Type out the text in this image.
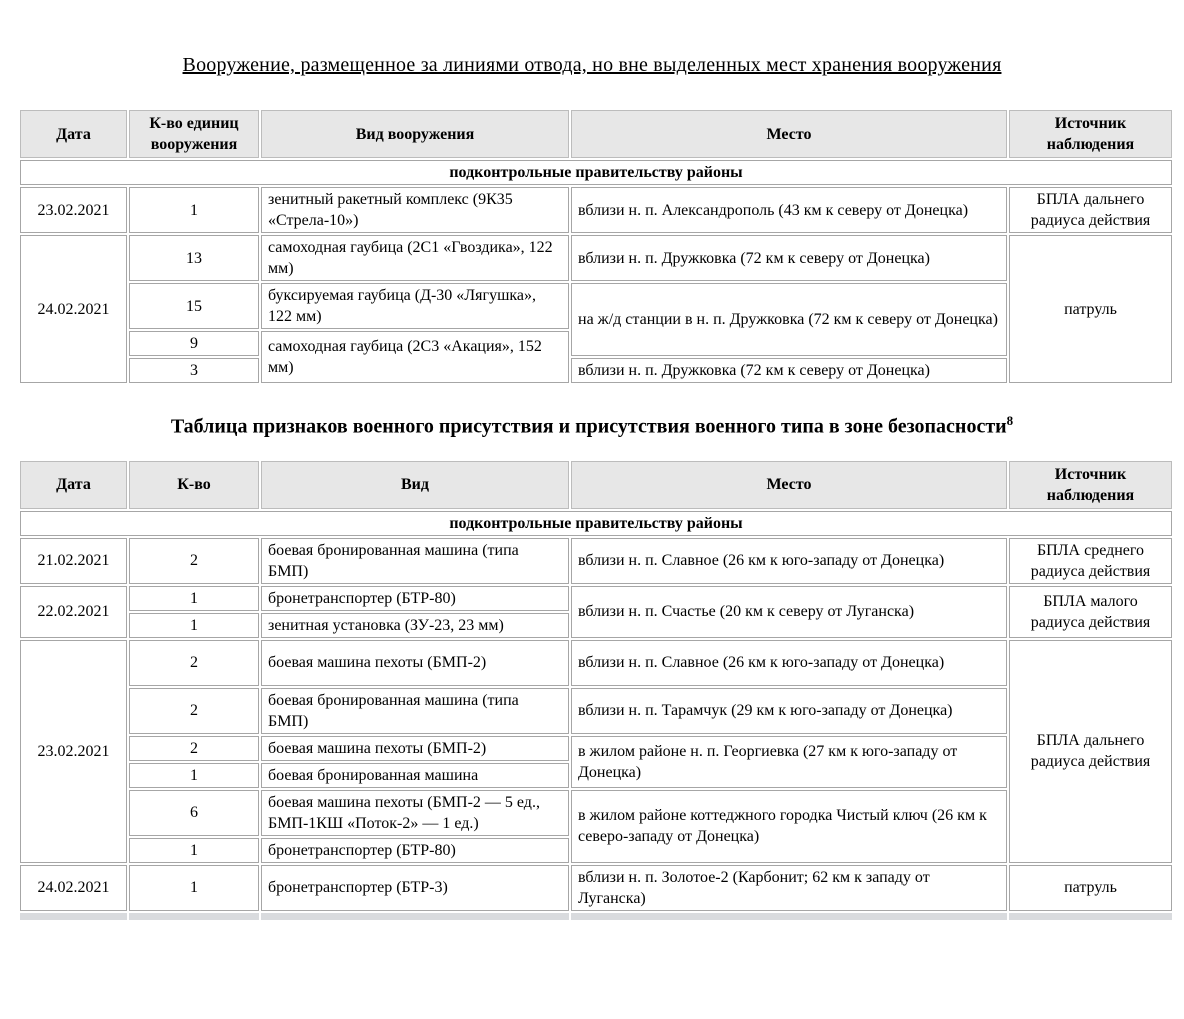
Вооружение, размещенное за линиями отвода, но вне выделенных мест хранения вооружения
Дата	К-во единиц вооружения	Вид вооружения	Место	Источник наблюдения
подконтрольные правительству районы				
23.02.2021	1	зенитный ракетный комплекс (9К35 «Стрела-10»)	вблизи н. п. Александрополь (43 км к северу от Донецка)	БПЛА дальнего радиуса действия
24.02.2021	13	самоходная гаубица (2С1 «Гвоздика», 122 мм)	вблизи н. п. Дружковка (72 км к северу от Донецка)	патруль
	15	буксируемая гаубица (Д-30 «Лягушка», 122 мм)	на ж/д станции в н. п. Дружковка (72 км к северу от Донецка)	
	9	самоходная гаубица (2С3 «Акация», 152 мм)		
	3		вблизи н. п. Дружковка (72 км к северу от Донецка)	
Таблица признаков военного присутствия и присутствия военного типа в зоне безопасности$^8$
Дата	К-во	Вид	Место	Источник наблюдения
подконтрольные правительству районы				
21.02.2021	2	боевая бронированная машина (типа БМП)	вблизи н. п. Славное (26 км к юго-западу от Донецка)	БПЛА среднего радиуса действия
22.02.2021	1	бронетранспортер (БТР-80)	вблизи н. п. Счастье (20 км к северу от Луганска)	БПЛА малого радиуса действия
	1	зенитная установка (ЗУ-23, 23 мм)		
23.02.2021	2	боевая машина пехоты (БМП-2)	вблизи н. п. Славное (26 км к юго-западу от Донецка)	БПЛА дальнего радиуса действия
	2	боевая бронированная машина (типа БМП)	вблизи н. п. Тарамчук (29 км к юго-западу от Донецка)	
	2	боевая машина пехоты (БМП-2)	в жилом районе н. п. Георгиевка (27 км к юго-западу от Донецка)	
	1	боевая бронированная машина		
	6	боевая машина пехоты (БМП-2 — 5 ед., БМП-1КШ «Поток-2» — 1 ед.)	в жилом районе коттеджного городка Чистый ключ (26 км к северо-западу от Донецка)	
	1	бронетранспортер (БТР-80)		
24.02.2021	1	бронетранспортер (БТР-3)	вблизи н. п. Золотое-2 (Карбонит; 62 км к западу от Луганска)	патруль
